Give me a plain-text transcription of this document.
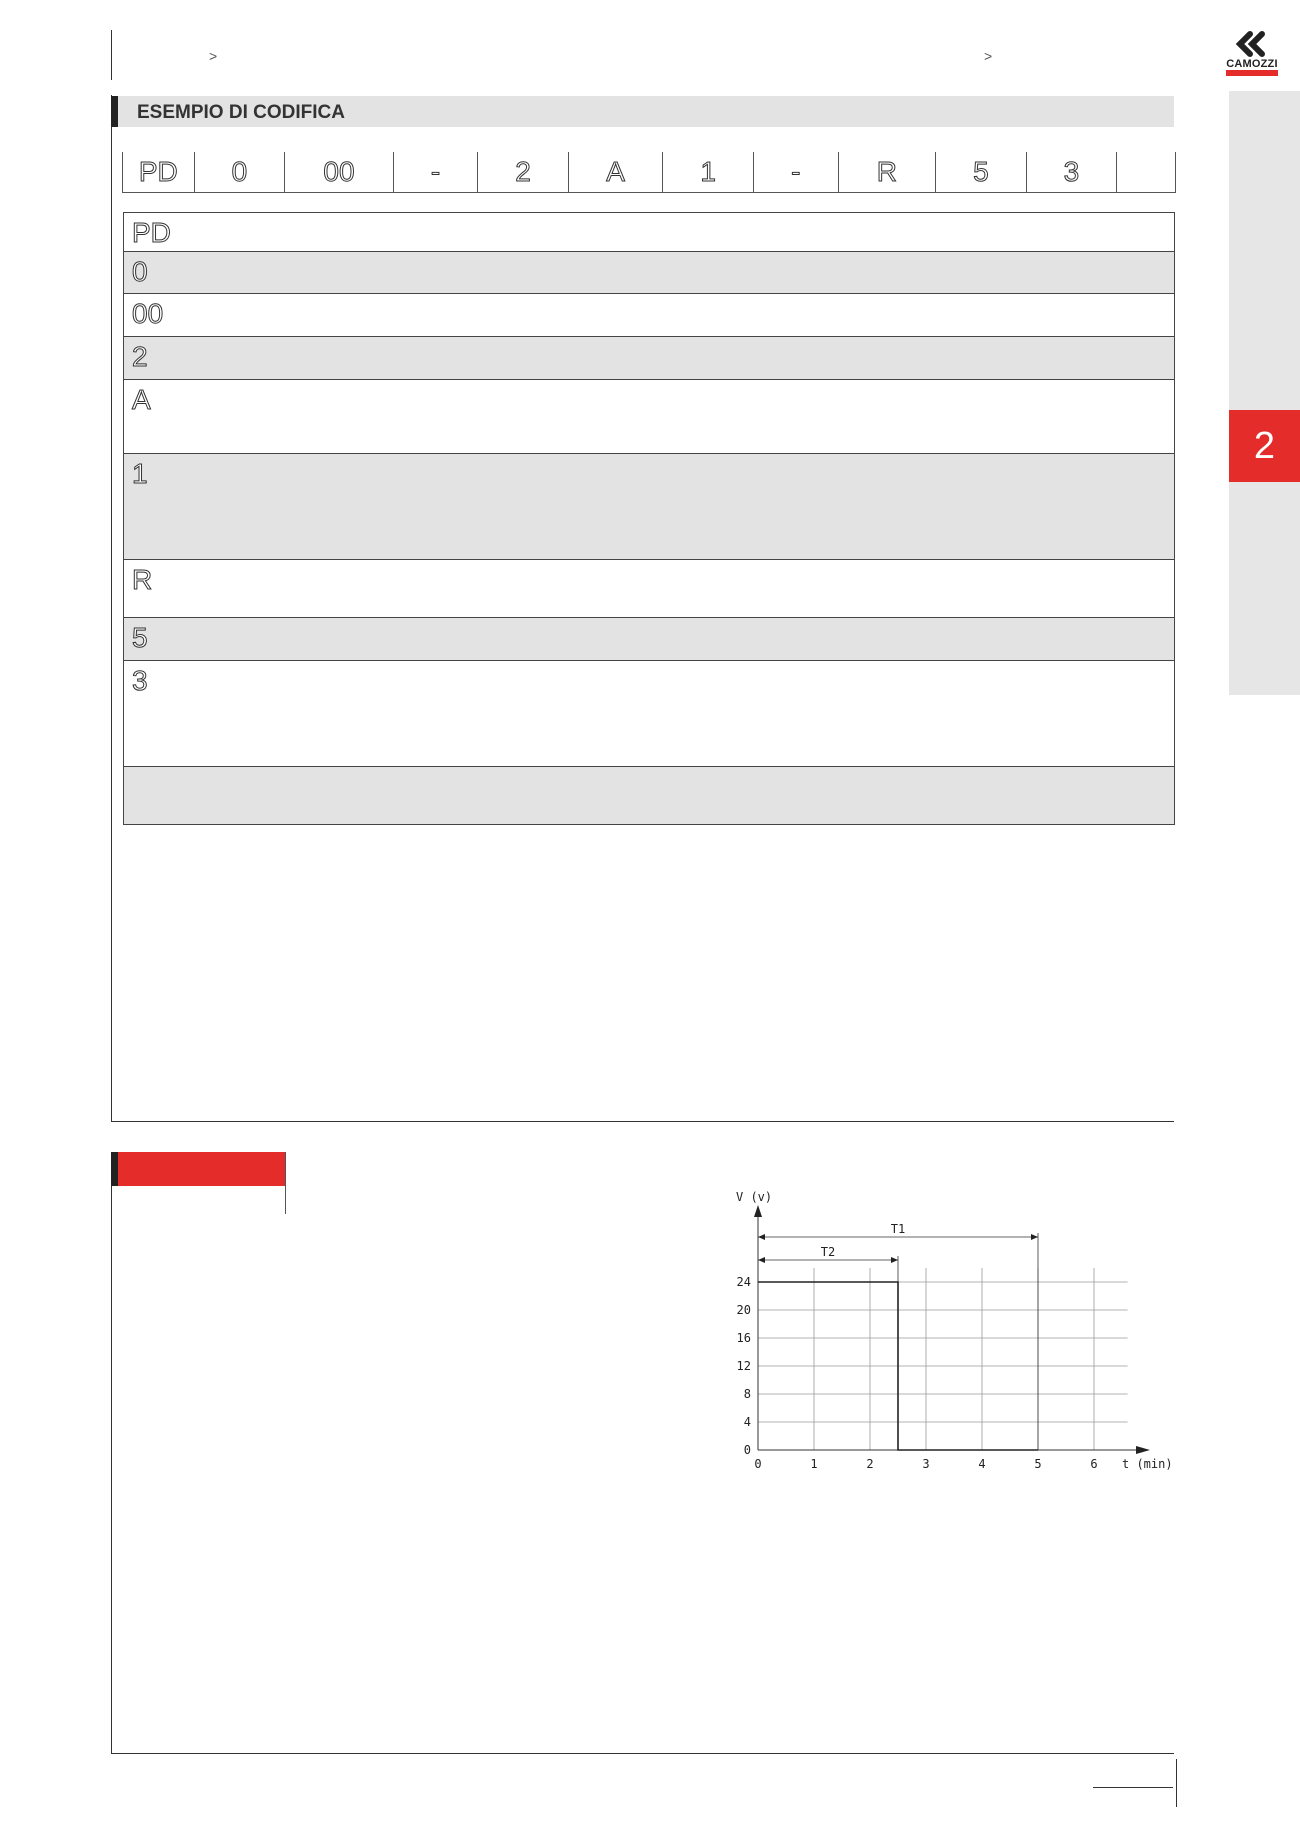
>	>	CAMOZZI
2
ESEMPIO DI CODIFICA
PD	0	00	-	2	A	1	-	R	5	3
PD
0
00
2
A
1
R
5
3
0
4
8
12
16
20
24
0	1	2	3	4	5	6
T1
T2
V (v)
t (min)
